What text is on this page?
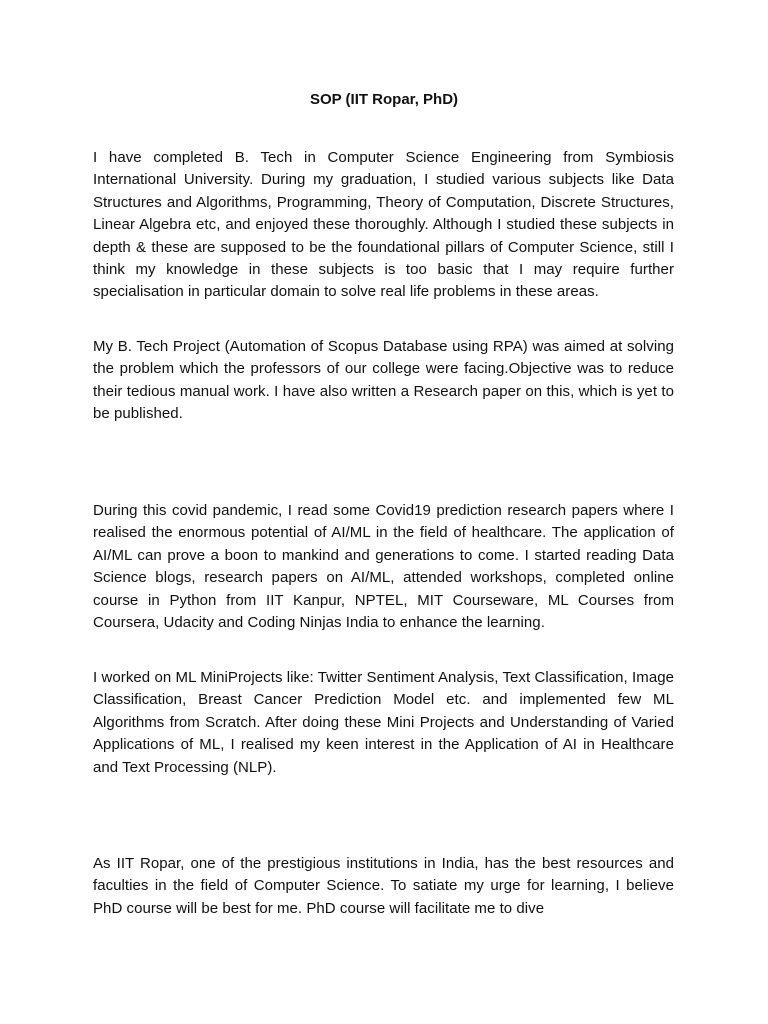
SOP (IIT Ropar, PhD)

I have completed B. Tech in Computer Science Engineering from Symbiosis International University. During my graduation, I studied various subjects like Data Structures and Algorithms, Programming, Theory of Computation, Discrete Structures, Linear Algebra etc, and enjoyed these thoroughly. Although I studied these subjects in depth & these are supposed to be the foundational pillars of Computer Science, still I think my knowledge in these subjects is too basic that I may require further specialisation in particular domain to solve real life problems in these areas.

My B. Tech Project (Automation of Scopus Database using RPA) was aimed at solving the problem which the professors of our college were facing.Objective was to reduce their tedious manual work. I have also written a Research paper on this, which is yet to be published.

During this covid pandemic, I read some Covid19 prediction research papers where I realised the enormous potential of AI/ML in the field of healthcare. The application of AI/ML can prove a boon to mankind and generations to come. I started reading Data Science blogs, research papers on AI/ML, attended workshops, completed online course in Python from IIT Kanpur, NPTEL, MIT Courseware, ML Courses from Coursera, Udacity and Coding Ninjas India to enhance the learning.

I worked on ML MiniProjects like: Twitter Sentiment Analysis, Text Classification, Image Classification, Breast Cancer Prediction Model etc. and implemented few ML Algorithms from Scratch. After doing these Mini Projects and Understanding of Varied Applications of ML, I realised my keen interest in the Application of AI in Healthcare and Text Processing (NLP).

As IIT Ropar, one of the prestigious institutions in India, has the best resources and faculties in the field of Computer Science. To satiate my urge for learning, I believe PhD course will be best for me. PhD course will facilitate me to dive
